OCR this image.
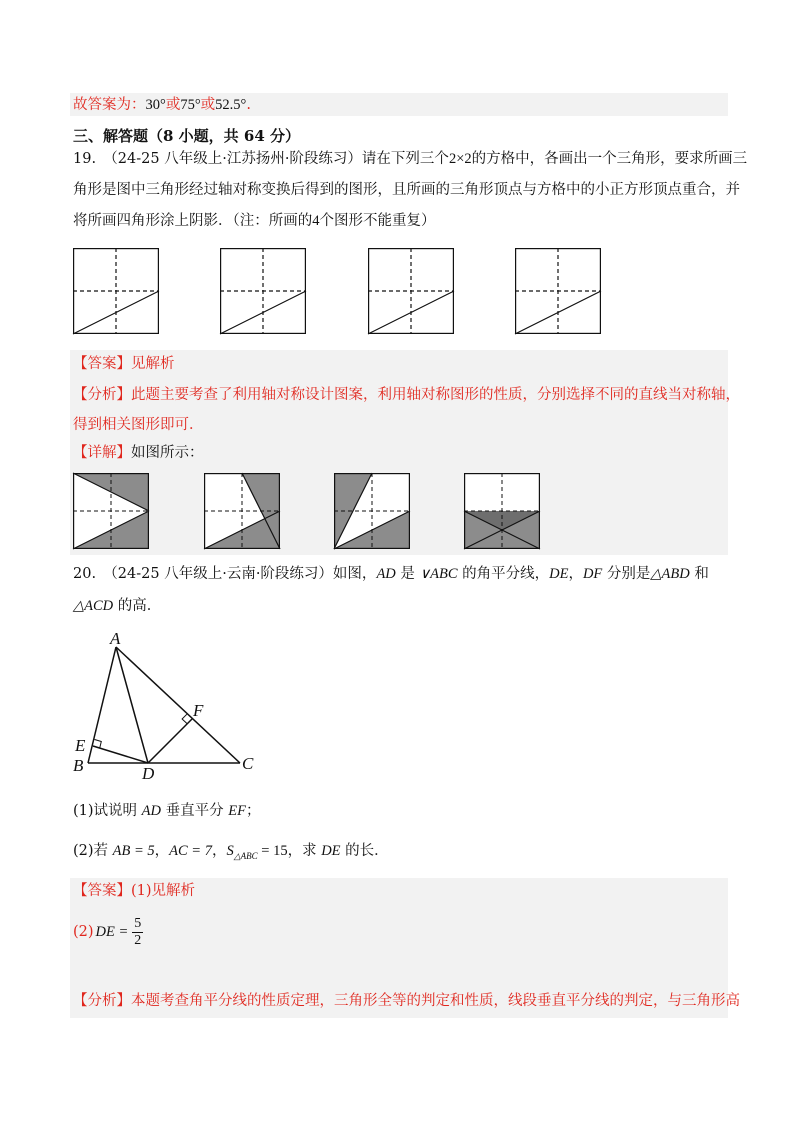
故答案为：30°或75°或52.5°.
三、解答题（8 小题，共 64 分）
19.　（24-25 八年级上·江苏扬州·阶段练习）请在下列三个2×2的方格中，各画出一个三角形，要求所画三
角形是图中三角形经过轴对称变换后得到的图形，且所画的三角形顶点与方格中的小正方形顶点重合，并
将所画四角形涂上阴影．（注：所画的4个图形不能重复）
【答案】见解析
【分析】此题主要考查了利用轴对称设计图案，利用轴对称图形的性质，分别选择不同的直线当对称轴，
得到相关图形即可．
【详解】如图所示：
20.　（24-25 八年级上·云南·阶段练习）如图，AD 是 ∨ABC 的角平分线，DE，DF 分别是△ABD 和
△ACD 的高．
A
E
B	D
C
F
(1)试说明 AD 垂直平分 EF；
(2)若 AB = 5，AC = 7，$S_{\triangle ABC} = 15$，求 DE 的长．
【答案】(1)见解析
(2) DE = $\frac{5}{2}$
【分析】本题考查角平分线的性质定理，三角形全等的判定和性质，线段垂直平分线的判定，与三角形高
